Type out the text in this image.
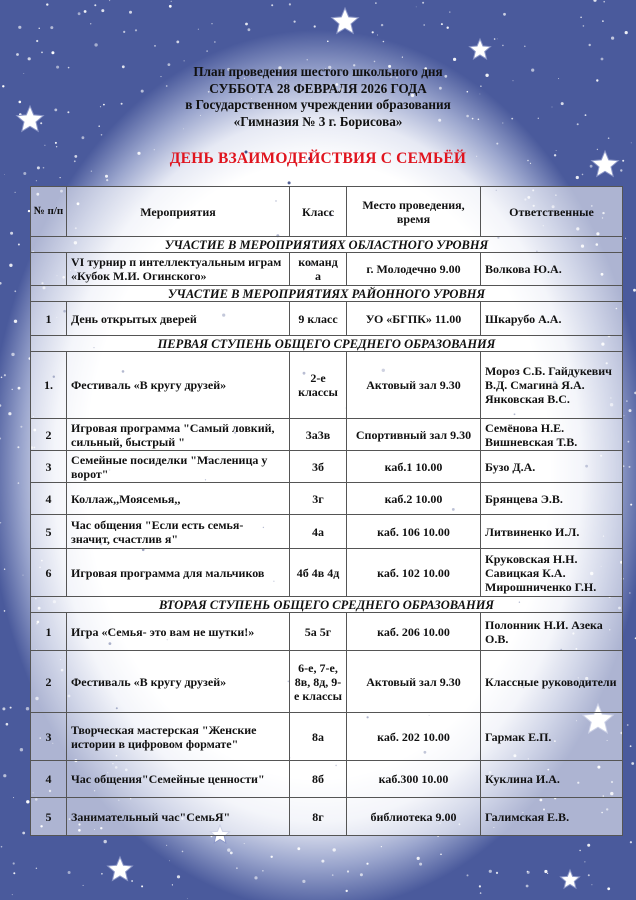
План проведения шестого школьного дня
СУББОТА 28 ФЕВРАЛЯ 2026 ГОДА
в Государственном учреждении образования
«Гимназия № 3 г. Борисова»
ДЕНЬ ВЗАИМОДЕЙСТВИЯ С СЕМЬЁЙ
№ п/п	Мероприятия	Класс	Место проведения, время	Ответственные
УЧАСТИЕ В МЕРОПРИЯТИЯХ ОБЛАСТНОГО УРОВНЯ				
	VI турнир п интеллектуальным играм «Кубок М.И. Огинского»	команд а	г. Молодечно 9.00	Волкова Ю.А.
УЧАСТИЕ В МЕРОПРИЯТИЯХ РАЙОННОГО УРОВНЯ				
1	День открытых дверей	9 класс	УО «БГПК» 11.00	Шкарубо А.А.
ПЕРВАЯ СТУПЕНЬ ОБЩЕГО СРЕДНЕГО ОБРАЗОВАНИЯ				
1.	Фестиваль «В кругу друзей»	2-е классы	Актовый зал 9.30	Мороз С.Б. Гайдукевич В.Д. Смагина Я.А. Янковская В.С.
2	Игровая программа "Самый ловкий, сильный, быстрый "	3а3в	Спортивный зал 9.30	Семёнова Н.Е. Вишневская Т.В.
3	Семейные посиделки "Масленица у ворот"	3б	каб.1 10.00	Бузо Д.А.
4	Коллаж,,Моясемья,,	3г	каб.2 10.00	Брянцева Э.В.
5	Час общения "Если есть семья- значит, счастлив я"	4а	каб. 106 10.00	Литвиненко И.Л.
6	Игровая программа для мальчиков	4б 4в 4д	каб. 102 10.00	Круковская Н.Н. Савицкая К.А. Мирошниченко Г.Н.
ВТОРАЯ СТУПЕНЬ ОБЩЕГО СРЕДНЕГО ОБРАЗОВАНИЯ				
1	Игра «Семья- это вам не шутки!»	5а 5г	каб. 206 10.00	Полонник Н.И. Азека О.В.
2	Фестиваль «В кругу друзей»	6-е, 7-е, 8в, 8д, 9-е классы	Актовый зал 9.30	Классные руководители
3	Творческая мастерская "Женские истории в цифровом формате"	8а	каб. 202 10.00	Гармак Е.П.
4	Час общения"Семейные ценности"	8б	каб.300 10.00	Куклина И.А.
5	Занимательный час"СемьЯ"	8г	библиотека 9.00	Галимская Е.В.
